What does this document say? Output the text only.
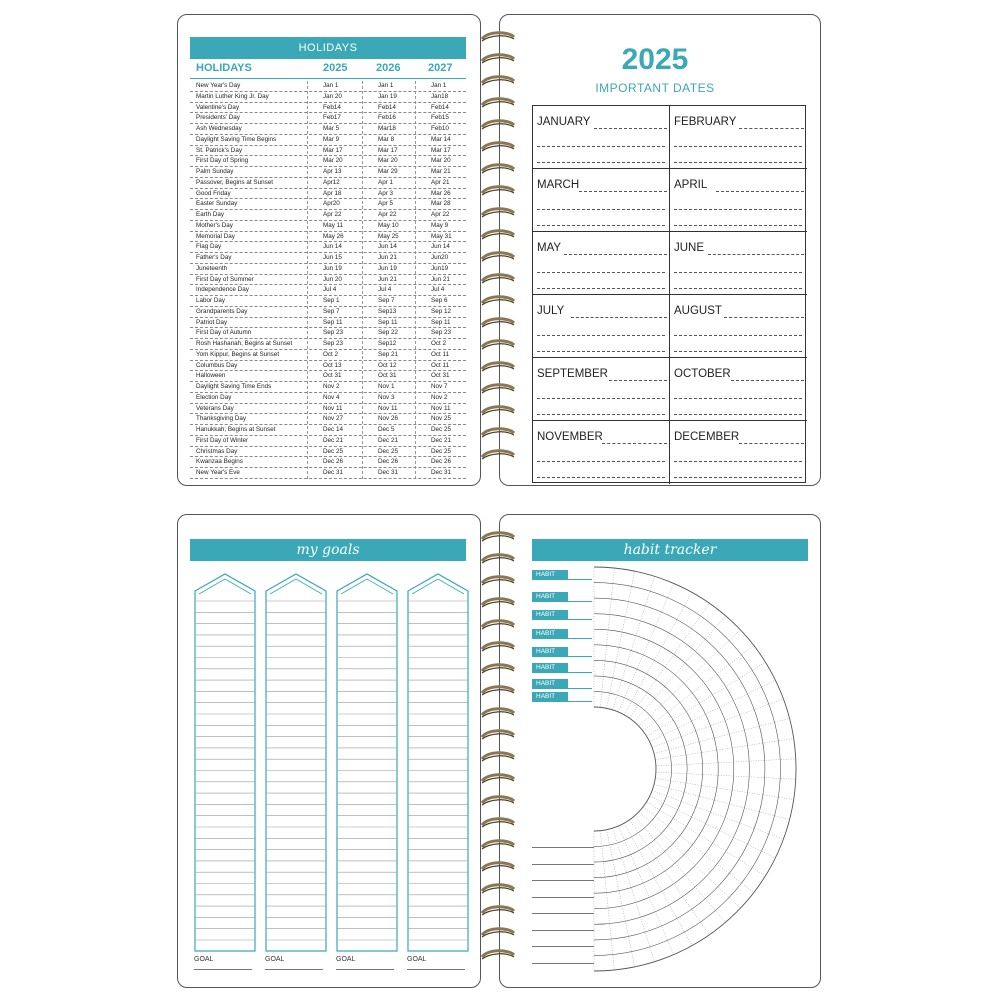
HOLIDAYS
HOLIDAYS	2025	2026	2027
New Year's Day	Jan 1	Jan 1	Jan 1
Martin Luther King Jr. Day	Jan 20	Jan 19	Jan18
Valentine's Day	Feb14	Feb14	Feb14
Presidents' Day	Feb17	Feb16	Feb15
Ash Wednesday	Mar 5	Mar18	Feb10
Daylight Saving Time Begins	Mar 9	Mar 8	Mar 14
St. Patrick's Day	Mar 17	Mar 17	Mar 17
First Day of Spring	Mar 20	Mar 20	Mar 20
Palm Sunday	Apr 13	Mar 29	Mar 21
Passover, Begins at Sunset	Apr12	Apr 1	Apr 21
Good Friday	Apr 18	Apr 3	Mar 26
Easter Sunday	Apr20	Apr 5	Mar 28
Earth Day	Apr 22	Apr 22	Apr 22
Mother's Day	May 11	May 10	May 9
Memorial Day	May 26	May 25	May 31
Flag Day	Jun 14	Jun 14	Jun 14
Father's Day	Jun 15	Jun 21	Jun20
Juneteenth	Jun 19	Jun 19	Jun19
First Day of Summer	Jun 20	Jun 21	Jun 21
Independence Day	Jul 4	Jul 4	Jul 4
Labor Day	Sep 1	Sep 7	Sep 6
Grandparents Day	Sep 7	Sep13	Sep 12
Patriot Day	Sep 11	Sep 11	Sep 11
First Day of Autumn	Sep 23	Sep 22	Sep 23
Rosh Hashanah, Begins at Sunset	Sep 23	Sep12	Oct 2
Yom Kippur, Begins at Sunset	Oct 2	Sep 21	Oct 11
Columbus Day	Oct 13	Oct 12	Oct 11
Halloween	Oct 31	Oct 31	Oct 31
Daylight Saving Time Ends	Nov 2	Nov 1	Nov 7
Election Day	Nov 4	Nov 3	Nov 2
Veterans Day	Nov 11	Nov 11	Nov 11
Thanksgiving Day	Nov 27	Nov 26	Nov 25
Hanukkah, Begins at Sunset	Dec 14	Dec 5	Dec 25
First Day of Winter	Dec 21	Dec 21	Dec 21
Christmas Day	Dec 25	Dec 25	Dec 25
Kwanzaa Begins	Dec 26	Dec 26	Dec 26
New Year's Eve	Dec 31	Dec 31	Dec 31
2025
IMPORTANT DATES
JANUARY	FEBRUARY
MARCH	APRIL
MAY	JUNE
JULY	AUGUST
SEPTEMBER	OCTOBER
NOVEMBER	DECEMBER
my goals
GOAL	GOAL	GOAL	GOAL
habit tracker
HABIT
HABIT
HABIT
HABIT
HABIT
HABIT
HABIT
HABIT
